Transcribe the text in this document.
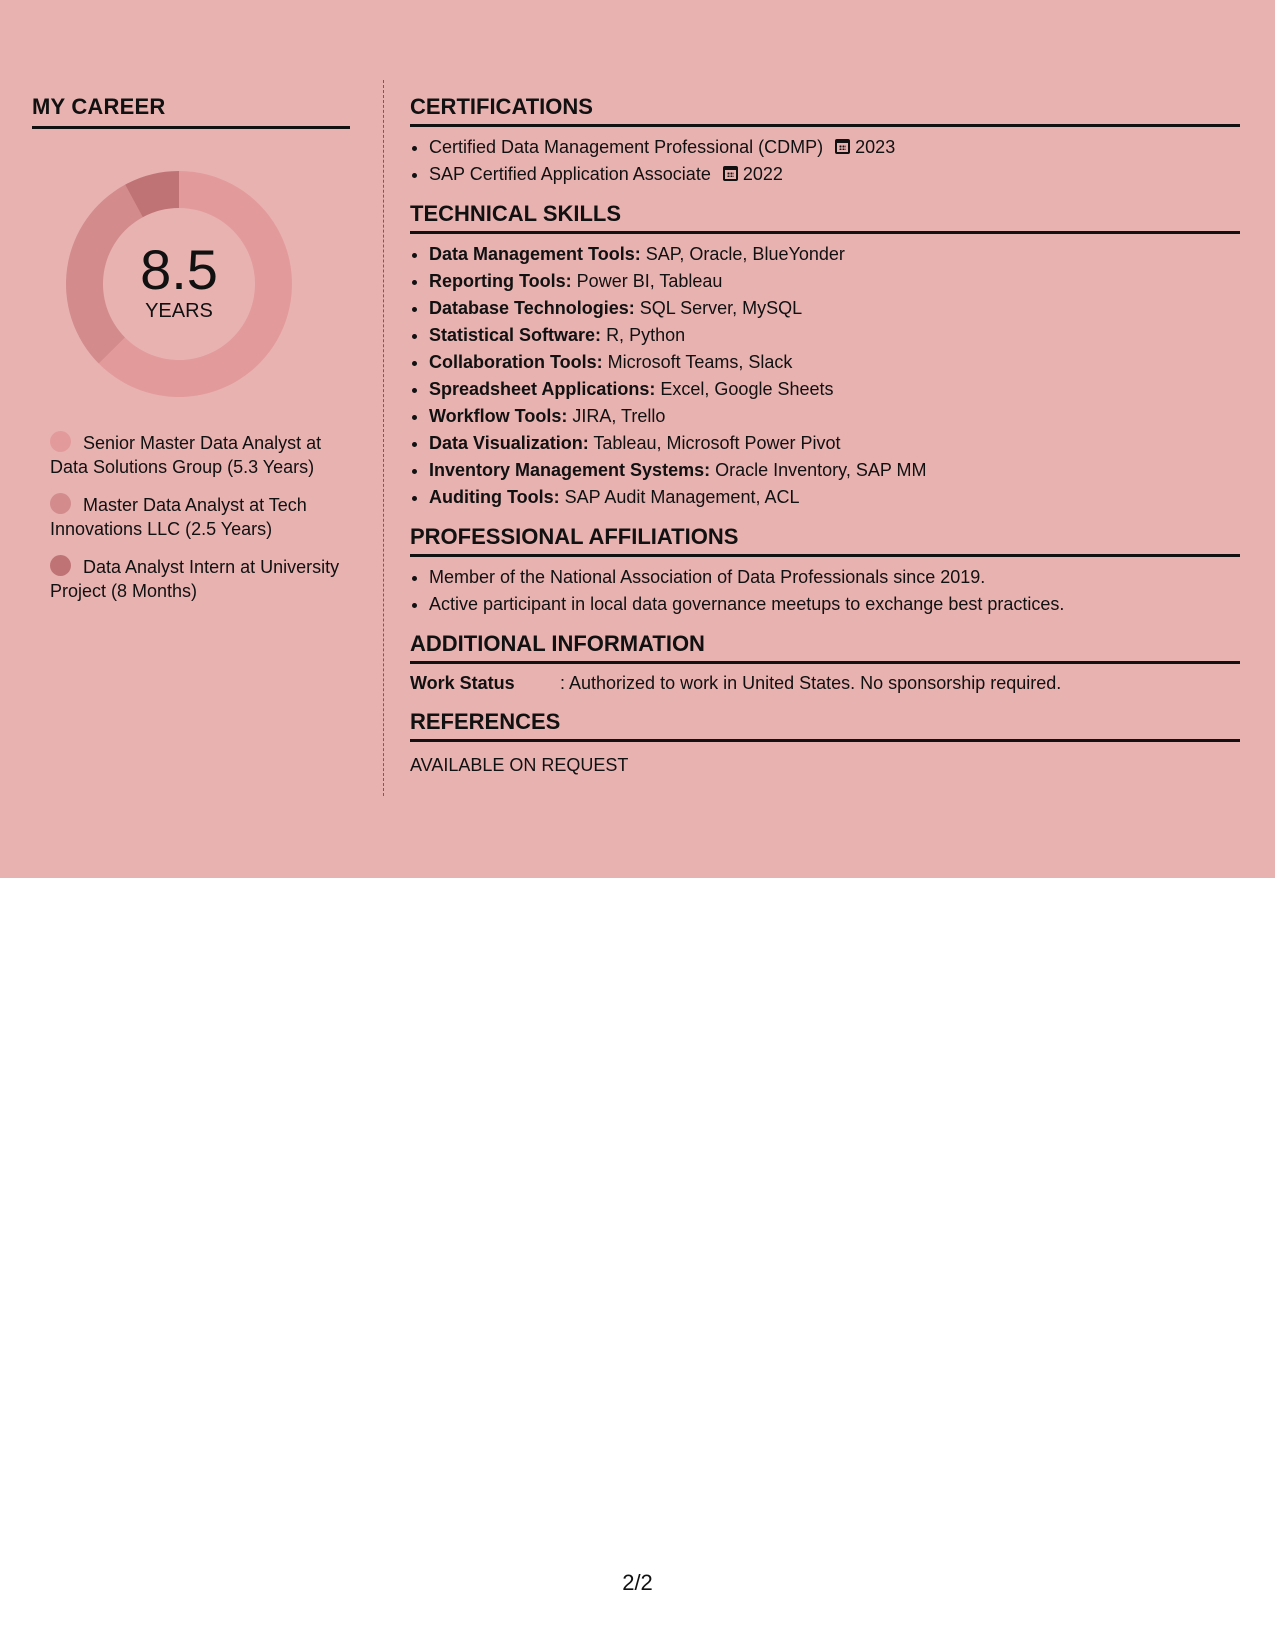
MY CAREER
8.5
YEARS
Senior Master Data Analyst at Data Solutions Group (5.3 Years)
Master Data Analyst at Tech Innovations LLC (2.5 Years)
Data Analyst Intern at University Project (8 Months)
CERTIFICATIONS
• Certified Data Management Professional (CDMP) 2023
• SAP Certified Application Associate 2022
TECHNICAL SKILLS
• Data Management Tools: SAP, Oracle, BlueYonder
• Reporting Tools: Power BI, Tableau
• Database Technologies: SQL Server, MySQL
• Statistical Software: R, Python
• Collaboration Tools: Microsoft Teams, Slack
• Spreadsheet Applications: Excel, Google Sheets
• Workflow Tools: JIRA, Trello
• Data Visualization: Tableau, Microsoft Power Pivot
• Inventory Management Systems: Oracle Inventory, SAP MM
• Auditing Tools: SAP Audit Management, ACL
PROFESSIONAL AFFILIATIONS
• Member of the National Association of Data Professionals since 2019.
• Active participant in local data governance meetups to exchange best practices.
ADDITIONAL INFORMATION
Work Status	: Authorized to work in United States. No sponsorship required.
REFERENCES
AVAILABLE ON REQUEST
2/2
